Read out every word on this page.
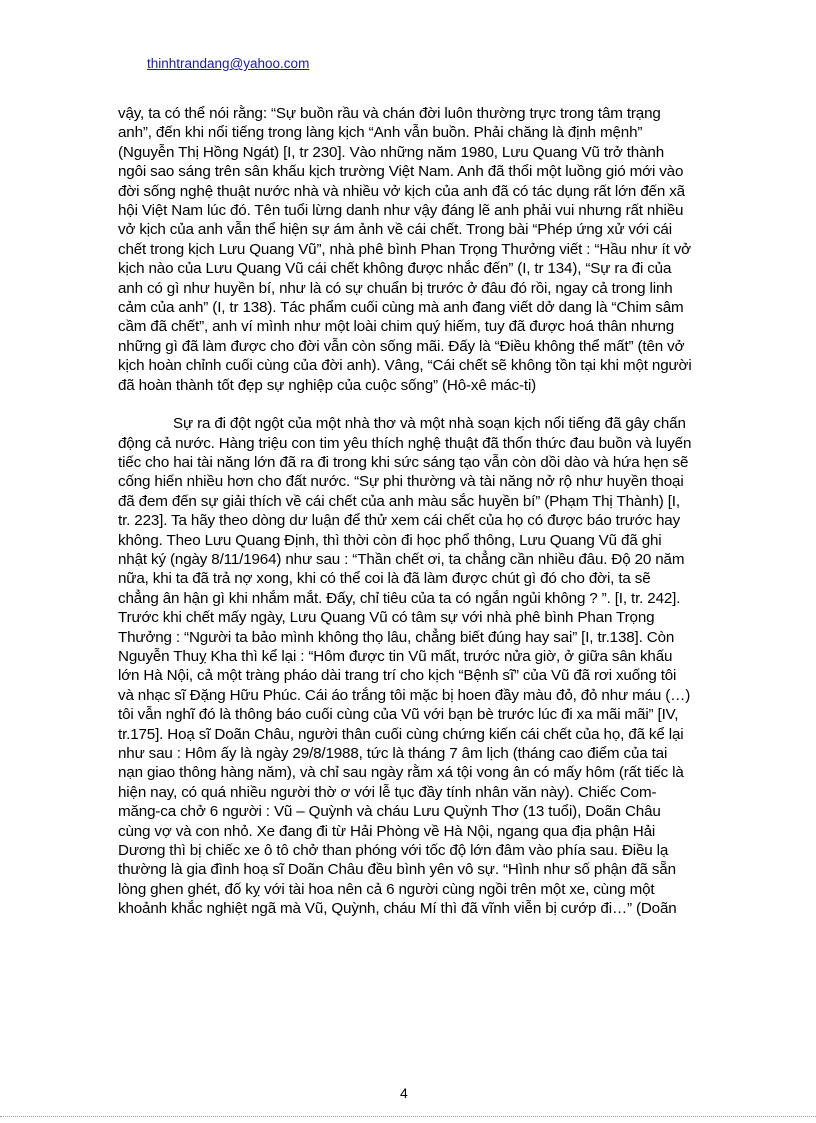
thinhtrandang@yahoo.com

vậy, ta có thể nói rằng: “Sự buồn rầu và chán đời luôn thường trực trong tâm trạng anh”, đến khi nổi tiếng trong làng kịch “Anh vẫn buồn. Phải chăng là định mệnh” (Nguyễn Thị Hồng Ngát) [I, tr 230]. Vào những năm 1980, Lưu Quang Vũ trở thành ngôi sao sáng trên sân khấu kịch trường Việt Nam. Anh đã thổi một luồng gió mới vào đời sống nghệ thuật nước nhà và nhiều vở kịch của anh đã có tác dụng rất lớn đến xã hội Việt Nam lúc đó. Tên tuổi lừng danh như vậy đáng lẽ anh phải vui nhưng rất nhiều vở kịch của anh vẫn thể hiện sự ám ảnh về cái chết. Trong bài “Phép ứng xử với cái chết trong kịch Lưu Quang Vũ”, nhà phê bình Phan Trọng Thưởng viết : “Hầu như ít vở kịch nào của Lưu Quang Vũ cái chết không được nhắc đến” (I, tr 134), “Sự ra đi của anh có gì như huyền bí, như là có sự chuẩn bị trước ở đâu đó rồi, ngay cả trong linh cảm của anh” (I, tr 138). Tác phẩm cuối cùng mà anh đang viết dở dang là “Chim sâm cầm đã chết”, anh ví mình như một loài chim quý hiếm, tuy đã được hoá thân nhưng những gì đã làm được cho đời vẫn còn sống mãi. Đấy là “Điều không thể mất” (tên vở kịch hoàn chỉnh cuối cùng của đời anh). Vâng, “Cái chết sẽ không tồn tại khi một người đã hoàn thành tốt đẹp sự nghiệp của cuộc sống” (Hô-xê mác-ti)

Sự ra đi đột ngột của một nhà thơ và một nhà soạn kịch nổi tiếng đã gây chấn động cả nước. Hàng triệu con tim yêu thích nghệ thuật đã thổn thức đau buồn và luyến tiếc cho hai tài năng lớn đã ra đi trong khi sức sáng tạo vẫn còn dồi dào và hứa hẹn sẽ cống hiến nhiều hơn cho đất nước. “Sự phi thường và tài năng nở rộ như huyền thoại đã đem đến sự giải thích về cái chết của anh màu sắc huyền bí” (Phạm Thị Thành) [I, tr. 223]. Ta hãy theo dòng dư luận để thử xem cái chết của họ có được báo trước hay không. Theo Lưu Quang Định, thì thời còn đi học phổ thông, Lưu Quang Vũ đã ghi nhật ký (ngày 8/11/1964) như sau : “Thần chết ơi, ta chẳng cần nhiều đâu. Độ 20 năm nữa, khi ta đã trả nợ xong, khi có thể coi là đã làm được chút gì đó cho đời, ta sẽ chẳng ân hận gì khi nhắm mắt. Đấy, chỉ tiêu của ta có ngắn ngủi không ? ”. [I, tr. 242]. Trước khi chết mấy ngày, Lưu Quang Vũ có tâm sự với nhà phê bình Phan Trọng Thưởng : “Người ta bảo mình không thọ lâu, chẳng biết đúng hay sai” [I, tr.138]. Còn Nguyễn Thuỵ Kha thì kể lại : “Hôm được tin Vũ mất, trước nửa giờ, ở giữa sân khấu lớn Hà Nội, cả một tràng pháo dài trang trí cho kịch “Bệnh sĩ” của Vũ đã rơi xuống tôi và nhạc sĩ Đặng Hữu Phúc. Cái áo trắng tôi mặc bị hoen đầy màu đỏ, đỏ như máu (…) tôi vẫn nghĩ đó là thông báo cuối cùng của Vũ với bạn bè trước lúc đi xa mãi mãi” [IV, tr.175]. Hoạ sĩ Doãn Châu, người thân cuối cùng chứng kiến cái chết của họ, đã kể lại như sau : Hôm ấy là ngày 29/8/1988, tức là tháng 7 âm lịch (tháng cao điểm của tai nạn giao thông hàng năm), và chỉ sau ngày rằm xá tội vong ân có mấy hôm (rất tiếc là hiện nay, có quá nhiều người thờ ơ với lễ tục đầy tính nhân văn này). Chiếc Com-măng-ca chở 6 người : Vũ – Quỳnh và cháu Lưu Quỳnh Thơ (13 tuổi), Doãn Châu cùng vợ và con nhỏ. Xe đang đi từ Hải Phòng về Hà Nội, ngang qua địa phận Hải Dương thì bị chiếc xe ô tô chở than phóng với tốc độ lớn đâm vào phía sau. Điều lạ thường là gia đình hoạ sĩ Doãn Châu đều bình yên vô sự. “Hình như số phận đã sẵn lòng ghen ghét, đố kỵ với tài hoa nên cả 6 người cùng ngồi trên một xe, cùng một khoảnh khắc nghiệt ngã mà Vũ, Quỳnh, cháu Mí thì đã vĩnh viễn bị cướp đi…” (Doãn

4
